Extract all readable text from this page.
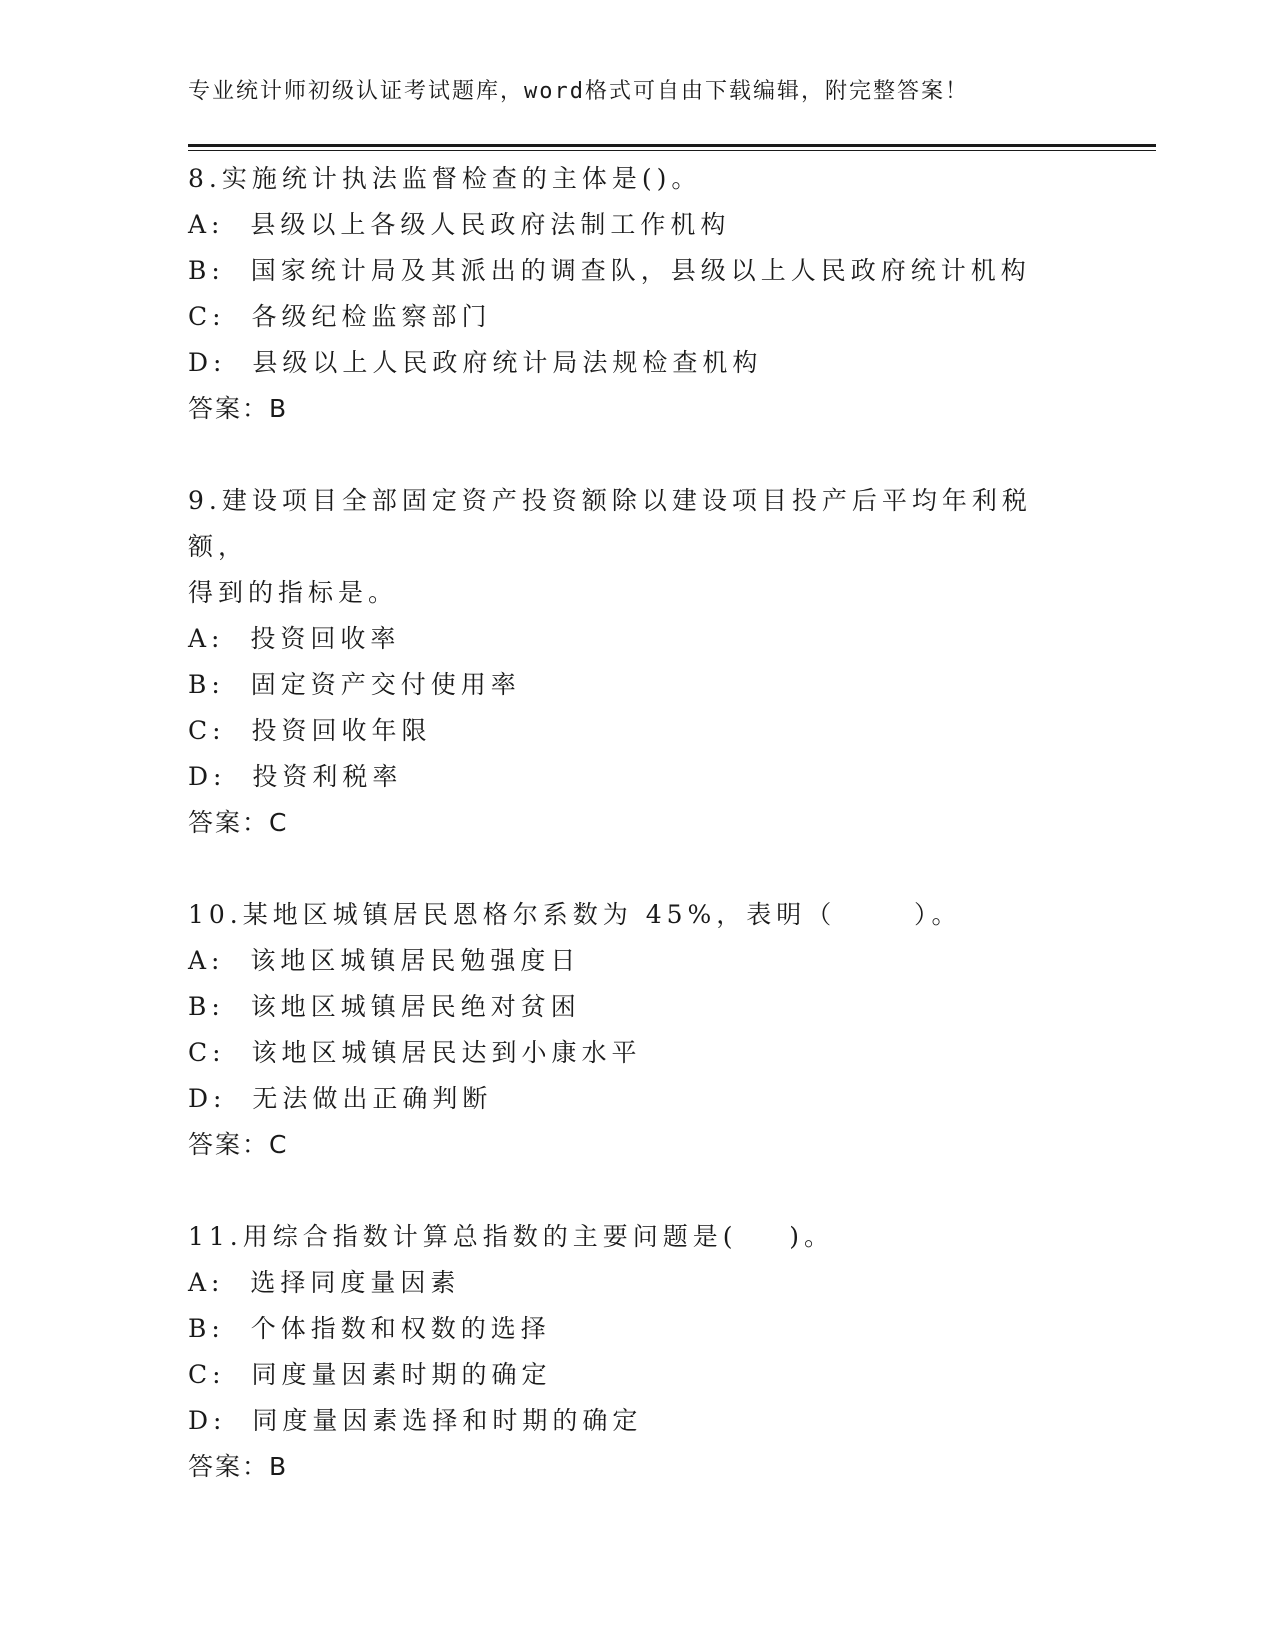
专业统计师初级认证考试题库，word格式可自由下载编辑，附完整答案！
8.实施统计执法监督检查的主体是()。
A:  县级以上各级人民政府法制工作机构
B:  国家统计局及其派出的调查队，县级以上人民政府统计机构
C:  各级纪检监察部门
D:  县级以上人民政府统计局法规检查机构
答案：B
9.建设项目全部固定资产投资额除以建设项目投产后平均年利税额，
得到的指标是。
A:  投资回收率
B:  固定资产交付使用率
C:  投资回收年限
D:  投资利税率
答案：C
10.某地区城镇居民恩格尔系数为 45%，表明（      ）。
A:  该地区城镇居民勉强度日
B:  该地区城镇居民绝对贫困
C:  该地区城镇居民达到小康水平
D:  无法做出正确判断
答案：C
11.用综合指数计算总指数的主要问题是(    )。
A:  选择同度量因素
B:  个体指数和权数的选择
C:  同度量因素时期的确定
D:  同度量因素选择和时期的确定
答案：B
